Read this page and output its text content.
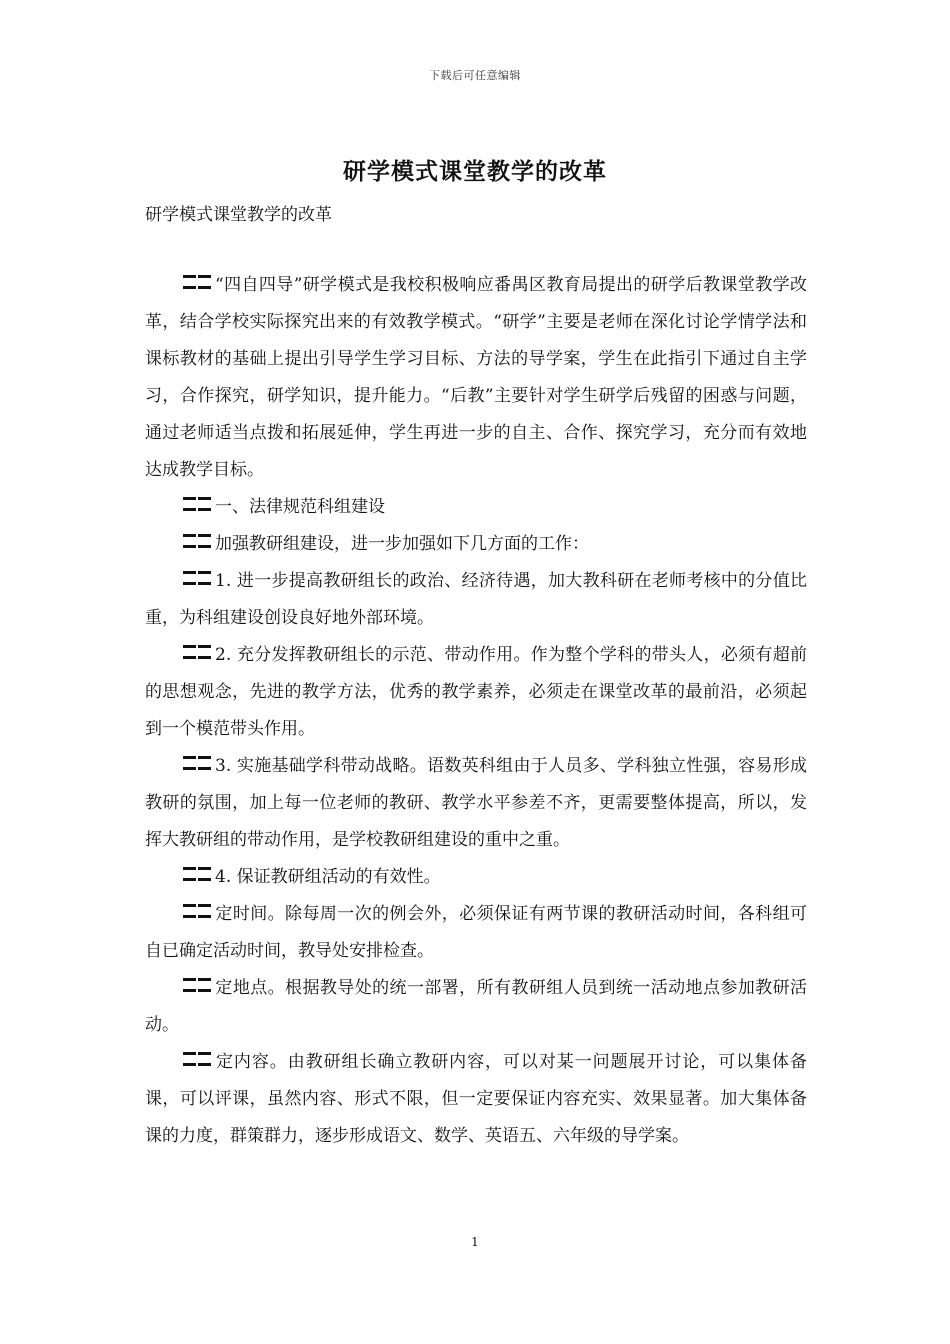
下载后可任意编辑
研学模式课堂教学的改革
研学模式课堂教学的改革

“四自四导”研学模式是我校积极响应番禺区教育局提出的研学后教课堂教学改革，结合学校实际探究出来的有效教学模式。“研学”主要是老师在深化讨论学情学法和课标教材的基础上提出引导学生学习目标、方法的导学案，学生在此指引下通过自主学习，合作探究，研学知识，提升能力。“后教”主要针对学生研学后残留的困惑与问题，通过老师适当点拨和拓展延伸，学生再进一步的自主、合作、探究学习，充分而有效地达成教学目标。

一、法律规范科组建设

加强教研组建设，进一步加强如下几方面的工作：

1. 进一步提高教研组长的政治、经济待遇，加大教科研在老师考核中的分值比重，为科组建设创设良好地外部环境。

2. 充分发挥教研组长的示范、带动作用。作为整个学科的带头人，必须有超前的思想观念，先进的教学方法，优秀的教学素养，必须走在课堂改革的最前沿，必须起到一个模范带头作用。

3. 实施基础学科带动战略。语数英科组由于人员多、学科独立性强，容易形成教研的氛围，加上每一位老师的教研、教学水平参差不齐，更需要整体提高，所以，发挥大教研组的带动作用，是学校教研组建设的重中之重。

4. 保证教研组活动的有效性。

定时间。除每周一次的例会外，必须保证有两节课的教研活动时间，各科组可自已确定活动时间，教导处安排检查。

定地点。根据教导处的统一部署，所有教研组人员到统一活动地点参加教研活动。

定内容。由教研组长确立教研内容，可以对某一问题展开讨论，可以集体备课，可以评课，虽然内容、形式不限，但一定要保证内容充实、效果显著。加大集体备课的力度，群策群力，逐步形成语文、数学、英语五、六年级的导学案。

1
